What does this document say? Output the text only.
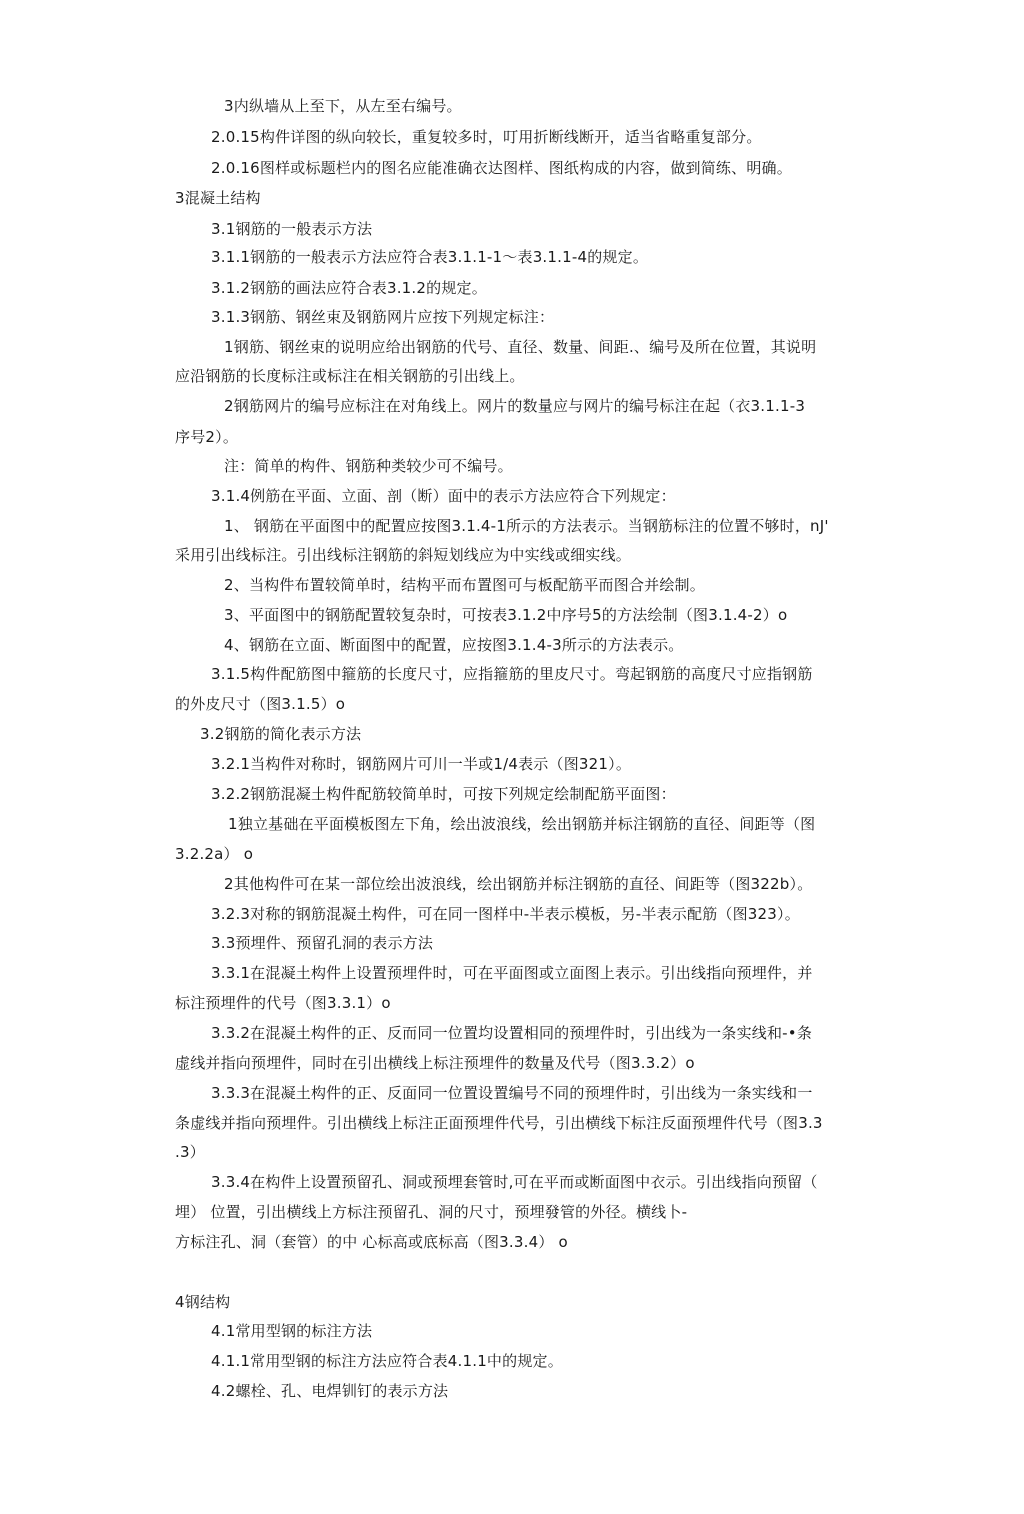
3内纵墙从上至下，从左至右编号。
2.0.15构件详图的纵向较长，重复较多时，叮用折断线断开，适当省略重复部分。
2.0.16图样或标题栏内的图名应能准确衣达图样、图纸构成的内容，做到简练、明确。
3混凝土结构
3.1钢筋的一般表示方法
3.1.1钢筋的一般表示方法应符合表3.1.1-1～表3.1.1-4的规定。
3.1.2钢筋的画法应符合表3.1.2的规定。
3.1.3钢筋、钢丝束及钢筋网片应按下列规定标注：
1钢筋、钢丝束的说明应给出钢筋的代号、直径、数量、间距.、编号及所在位置，其说明
应沿钢筋的长度标注或标注在相关钢筋的引出线上。
2钢筋网片的编号应标注在对角线上。网片的数量应与网片的编号标注在起（衣3.1.1-3
序号2）。
注：简单的构件、钢筋种类较少可不编号。
3.1.4例筋在平面、立面、剖（断）面中的表示方法应符合下列规定：
1、 钢筋在平面图中的配置应按图3.1.4-1所示的方法表示。当钢筋标注的位置不够时，nJ'
采用引出线标注。引出线标注钢筋的斜短划线应为中实线或细实线。
2、当构件布置较简单时，结构平而布置图可与板配筋平而图合并绘制。
3、平面图中的钢筋配置较复杂时，可按表3.1.2中序号5的方法绘制（图3.1.4-2）o
4、钢筋在立面、断面图中的配置，应按图3.1.4-3所示的方法表示。
3.1.5构件配筋图中箍筋的长度尺寸，应指箍筋的里皮尺寸。弯起钢筋的高度尺寸应指钢筋
的外皮尺寸（图3.1.5）o
3.2钢筋的简化表示方法
3.2.1当构件对称时，钢筋网片可川一半或1/4表示（图321）。
3.2.2钢筋混凝土构件配筋较简单时，可按下列规定绘制配筋平面图：
1独立基础在平面模板图左下角，绘出波浪线，绘出钢筋并标注钢筋的直径、间距等（图
3.2.2a） o
2其他构件可在某一部位绘出波浪线，绘出钢筋并标注钢筋的直径、间距等（图322b）。
3.2.3对称的钢筋混凝土构件，可在同一图样中-半表示模板，另-半表示配筋（图323）。
3.3预埋件、预留孔洞的表示方法
3.3.1在混凝土构件上设置预埋件时，可在平面图或立面图上表示。引出线指向预埋件，并
标注预埋件的代号（图3.3.1）o
3.3.2在混凝土构件的正、反而同一位置均设置相同的预埋件时，引出线为一条实线和-•条
虚线并指向预埋件，同时在引出横线上标注预埋件的数量及代号（图3.3.2）o
3.3.3在混凝土构件的正、反面同一位置设置编号不同的预埋件时，引出线为一条实线和一
条虚线并指向预埋件。引出横线上标注正面预埋件代号，引出横线下标注反面预埋件代号（图3.3
.3）
3.3.4在构件上设置预留孔、洞或预埋套管时,可在平而或断面图中衣示。引出线指向预留（
埋） 位置，引出横线上方标注预留孔、洞的尺寸，预埋發管的外径。横线卜-
方标注孔、洞（套管）的中 心标高或底标高（图3.3.4） o
4钢结构
4.1常用型钢的标注方法
4.1.1常用型钢的标注方法应符合表4.1.1中的规定。
4.2螺栓、孔、电焊钏钉的表示方法
